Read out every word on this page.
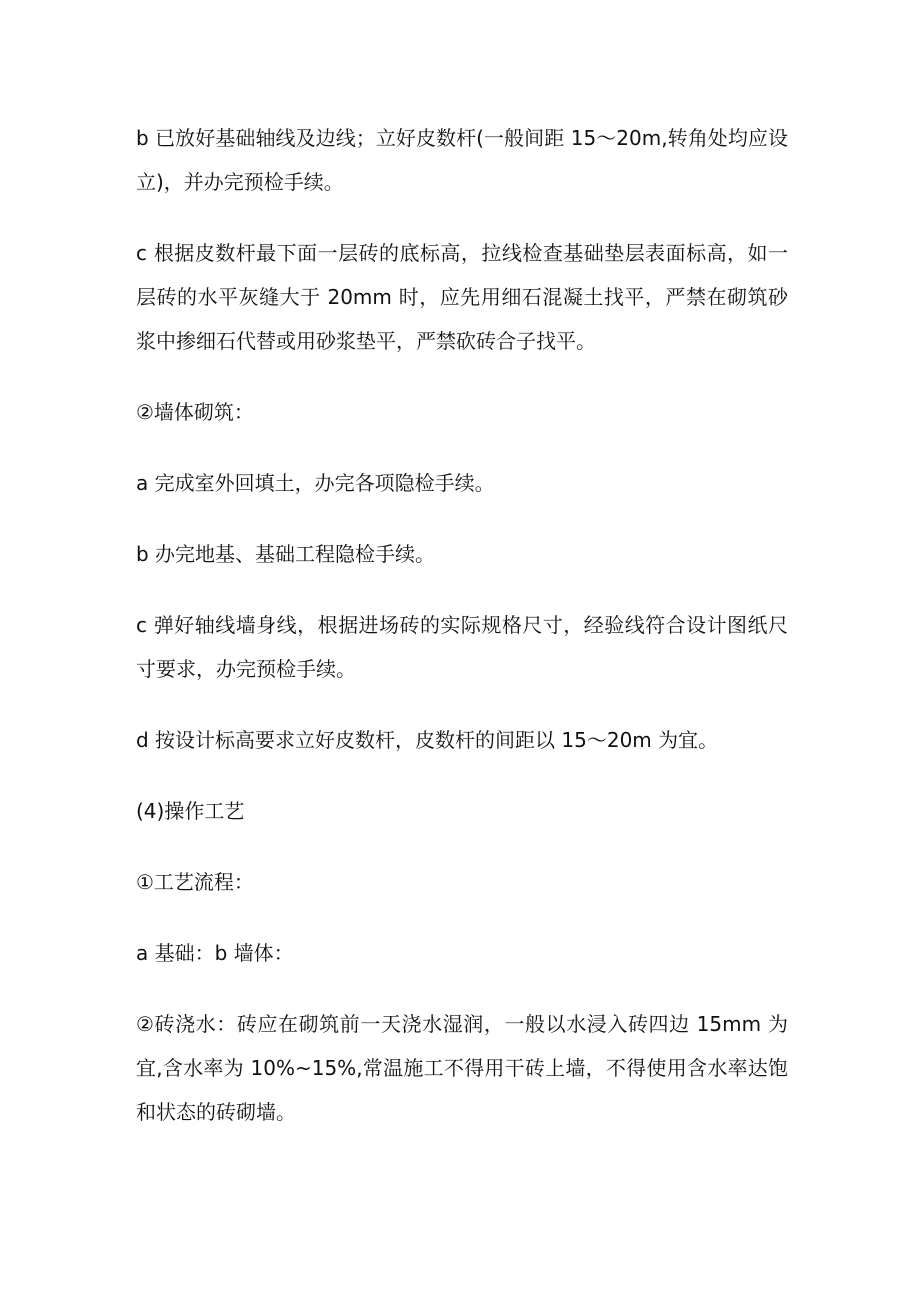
b 已放好基础轴线及边线；立好皮数杆(一般间距 15～20m,转角处均应设立)，并办完预检手续。

c 根据皮数杆最下面一层砖的底标高，拉线检查基础垫层表面标高，如一层砖的水平灰缝大于 20mm 时，应先用细石混凝土找平，严禁在砌筑砂浆中掺细石代替或用砂浆垫平，严禁砍砖合子找平。

②墙体砌筑：

a 完成室外回填土，办完各项隐检手续。

b 办完地基、基础工程隐检手续。

c 弹好轴线墙身线，根据进场砖的实际规格尺寸，经验线符合设计图纸尺寸要求，办完预检手续。

d 按设计标高要求立好皮数杆，皮数杆的间距以 15～20m 为宜。

(4)操作工艺

①工艺流程：

a 基础：b 墙体：

②砖浇水：砖应在砌筑前一天浇水湿润，一般以水浸入砖四边 15mm 为宜,含水率为 10%~15%,常温施工不得用干砖上墙，不得使用含水率达饱和状态的砖砌墙。
